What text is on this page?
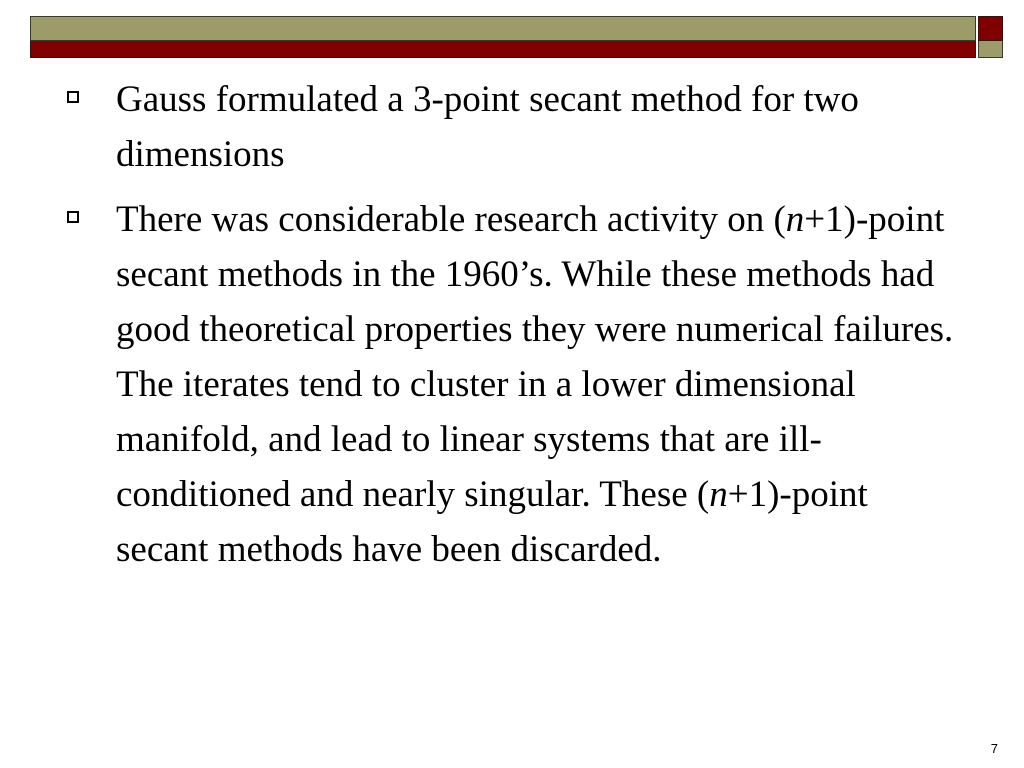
Gauss formulated a 3-point secant method for two dimensions
There was considerable research activity on (n+1)-point secant methods in the 1960’s. While these methods had good theoretical properties they were numerical failures. The iterates tend to cluster in a lower dimensional manifold, and lead to linear systems that are ill-conditioned and nearly singular. These (n+1)-point secant methods have been discarded.
7
